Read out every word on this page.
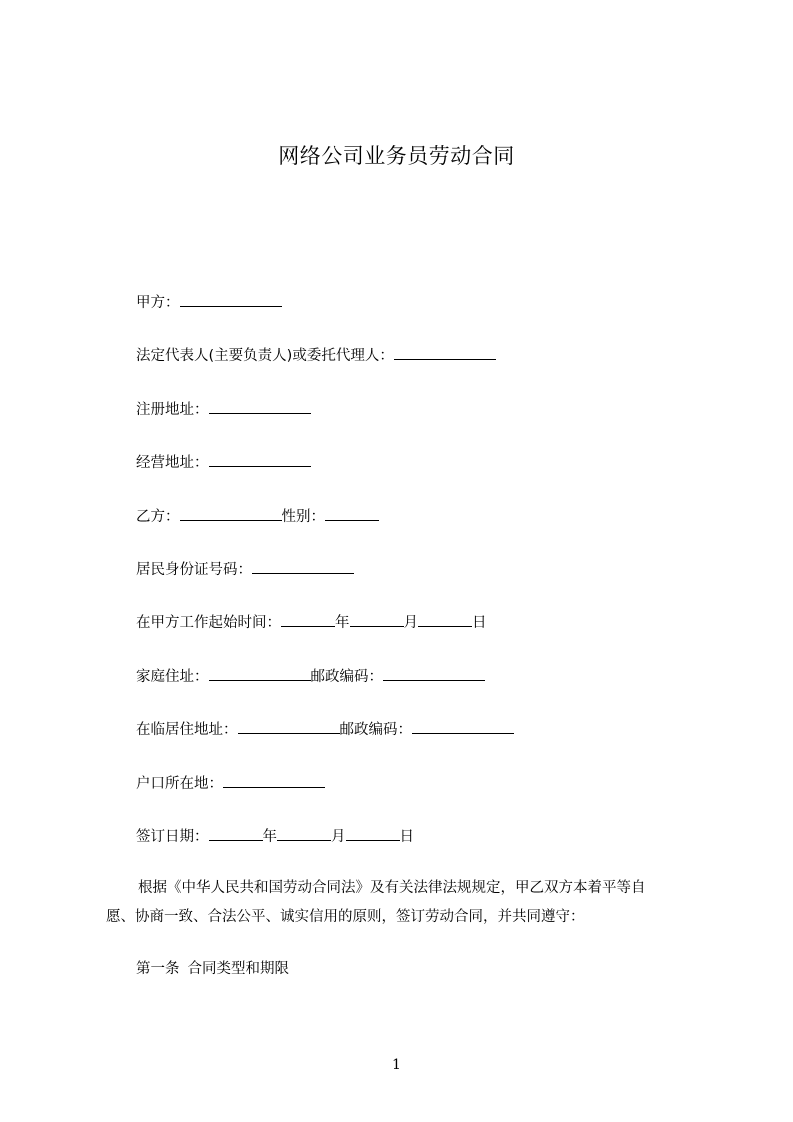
网络公司业务员劳动合同
甲方：
法定代表人(主要负责人)或委托代理人：
注册地址：
经营地址：
乙方：	性别：
居民身份证号码：
在甲方工作起始时间：	年	月	日
家庭住址：	邮政编码：
在临居住地址：	邮政编码：
户口所在地：
签订日期：	年	月	日
根据《中华人民共和国劳动合同法》及有关法律法规规定，甲乙双方本着平等自
愿、协商一致、合法公平、诚实信用的原则，签订劳动合同，并共同遵守：
第一条 合同类型和期限
1
